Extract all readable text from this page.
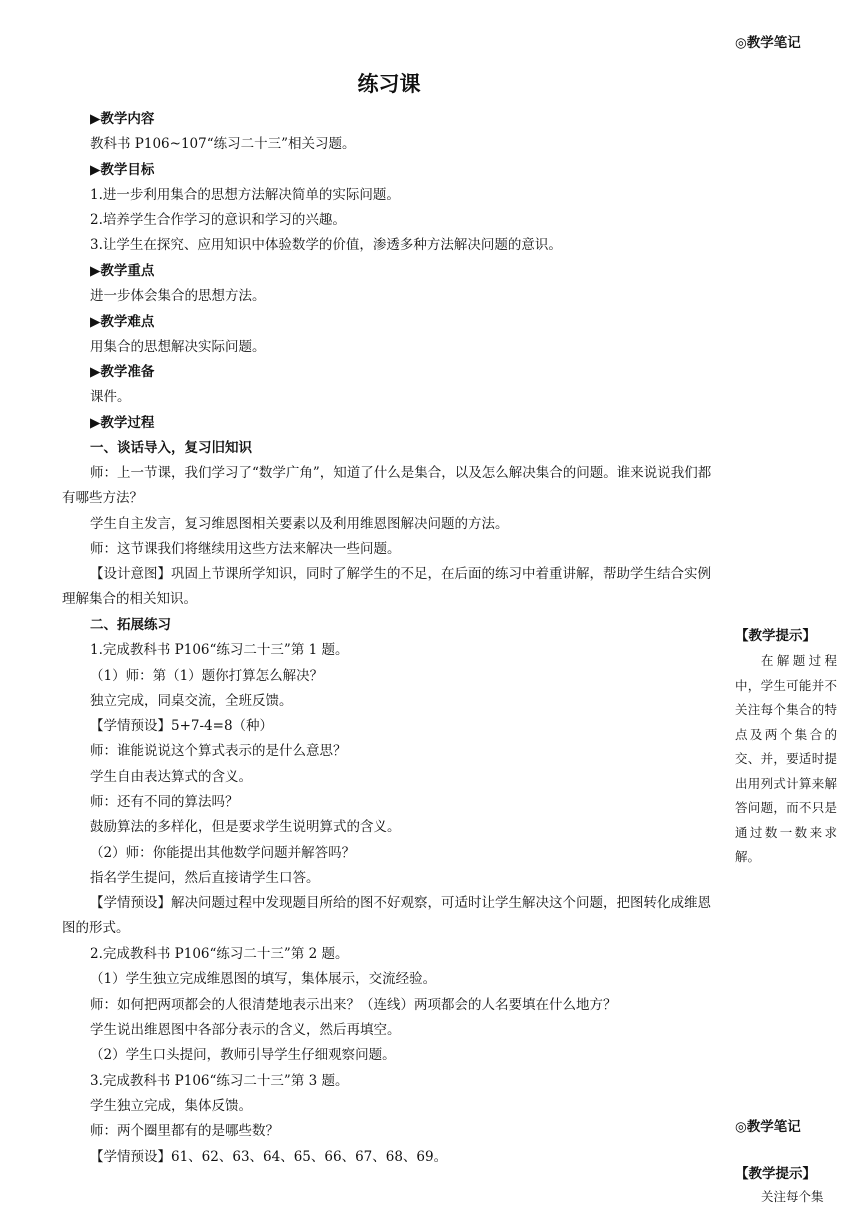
◎教学笔记
练习课
▶教学内容
教科书 P106~107“练习二十三”相关习题。
▶教学目标
1.进一步利用集合的思想方法解决简单的实际问题。
2.培养学生合作学习的意识和学习的兴趣。
3.让学生在探究、应用知识中体验数学的价值，渗透多种方法解决问题的意识。
▶教学重点
进一步体会集合的思想方法。
▶教学难点
用集合的思想解决实际问题。
▶教学准备
课件。
▶教学过程
一、谈话导入，复习旧知识
师：上一节课，我们学习了“数学广角”，知道了什么是集合，以及怎么解决集合的问题。谁来说说我们都有哪些方法？
学生自主发言，复习维恩图相关要素以及利用维恩图解决问题的方法。
师：这节课我们将继续用这些方法来解决一些问题。
【设计意图】巩固上节课所学知识，同时了解学生的不足，在后面的练习中着重讲解，帮助学生结合实例理解集合的相关知识。
二、拓展练习
1.完成教科书 P106“练习二十三”第 1 题。
（1）师：第（1）题你打算怎么解决？
独立完成，同桌交流，全班反馈。
【学情预设】5+7-4=8（种）
师：谁能说说这个算式表示的是什么意思？
学生自由表达算式的含义。
师：还有不同的算法吗？
鼓励算法的多样化，但是要求学生说明算式的含义。
（2）师：你能提出其他数学问题并解答吗？
指名学生提问，然后直接请学生口答。
【学情预设】解决问题过程中发现题目所给的图不好观察，可适时让学生解决这个问题，把图转化成维恩图的形式。
2.完成教科书 P106“练习二十三”第 2 题。
（1）学生独立完成维恩图的填写，集体展示，交流经验。
师：如何把两项都会的人很清楚地表示出来？（连线）两项都会的人名要填在什么地方？
学生说出维恩图中各部分表示的含义，然后再填空。
（2）学生口头提问，教师引导学生仔细观察问题。
3.完成教科书 P106“练习二十三”第 3 题。
学生独立完成，集体反馈。
师：两个圈里都有的是哪些数？
【学情预设】61、62、63、64、65、66、67、68、69。
【教学提示】
在解题过程中，学生可能并不关注每个集合的特点及两个集合的交、并，要适时提出用列式计算来解答问题，而不只是通过数一数来求解。
◎教学笔记
【教学提示】
关注每个集
